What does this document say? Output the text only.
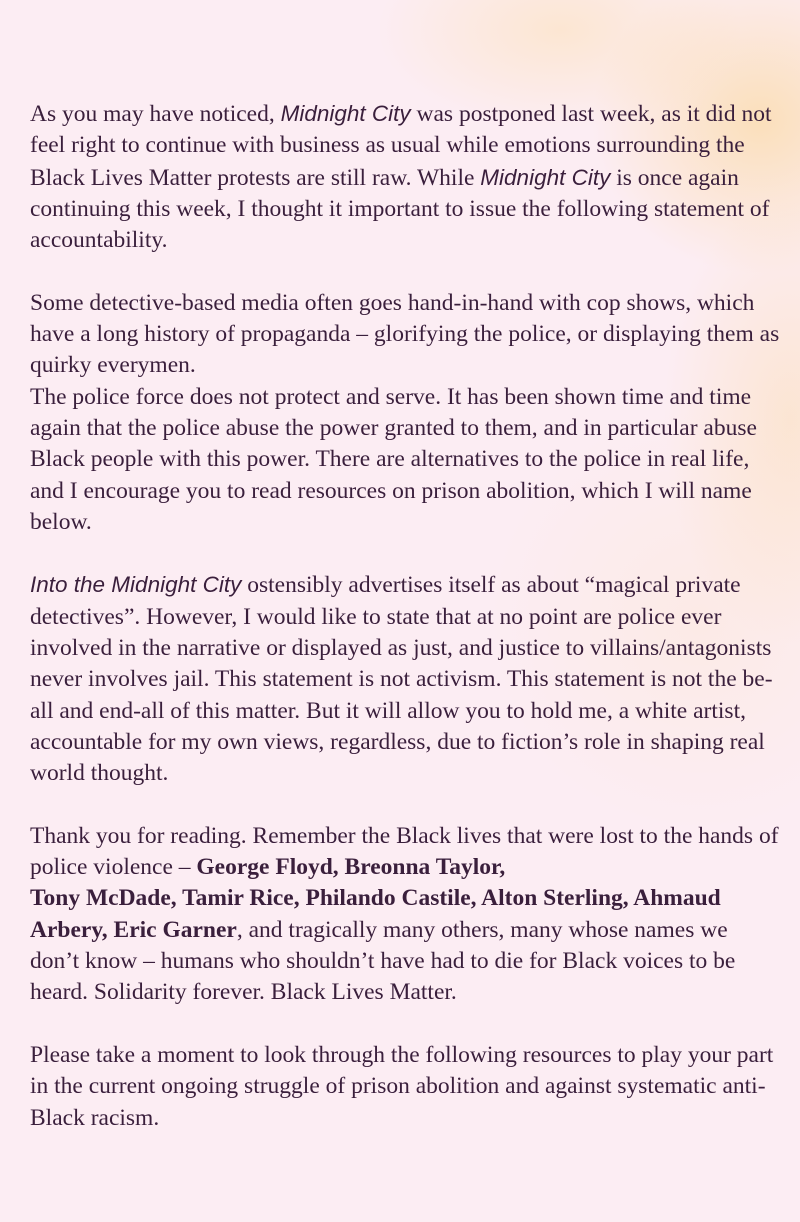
As you may have noticed, Midnight City was postponed last week, as it did not feel right to continue with business as usual while emotions surrounding the Black Lives Matter protests are still raw. While Midnight City is once again continuing this week, I thought it important to issue the following statement of accountability.

Some detective-based media often goes hand-in-hand with cop shows, which have a long history of propaganda – glorifying the police, or displaying them as quirky everymen.
The police force does not protect and serve. It has been shown time and time again that the police abuse the power granted to them, and in particular abuse Black people with this power. There are alternatives to the police in real life, and I encourage you to read resources on prison abolition, which I will name below.

Into the Midnight City ostensibly advertises itself as about “magical private detectives”. However, I would like to state that at no point are police ever involved in the narrative or displayed as just, and justice to villains/antagonists never involves jail. This statement is not activism. This statement is not the be-all and end-all of this matter. But it will allow you to hold me, a white artist, accountable for my own views, regardless, due to fiction’s role in shaping real world thought.

Thank you for reading. Remember the Black lives that were lost to the hands of police violence – George Floyd, Breonna Taylor,
Tony McDade, Tamir Rice, Philando Castile, Alton Sterling, Ahmaud Arbery, Eric Garner, and tragically many others, many whose names we don’t know – humans who shouldn’t have had to die for Black voices to be heard. Solidarity forever. Black Lives Matter.

Please take a moment to look through the following resources to play your part in the current ongoing struggle of prison abolition and against systematic anti-Black racism.
